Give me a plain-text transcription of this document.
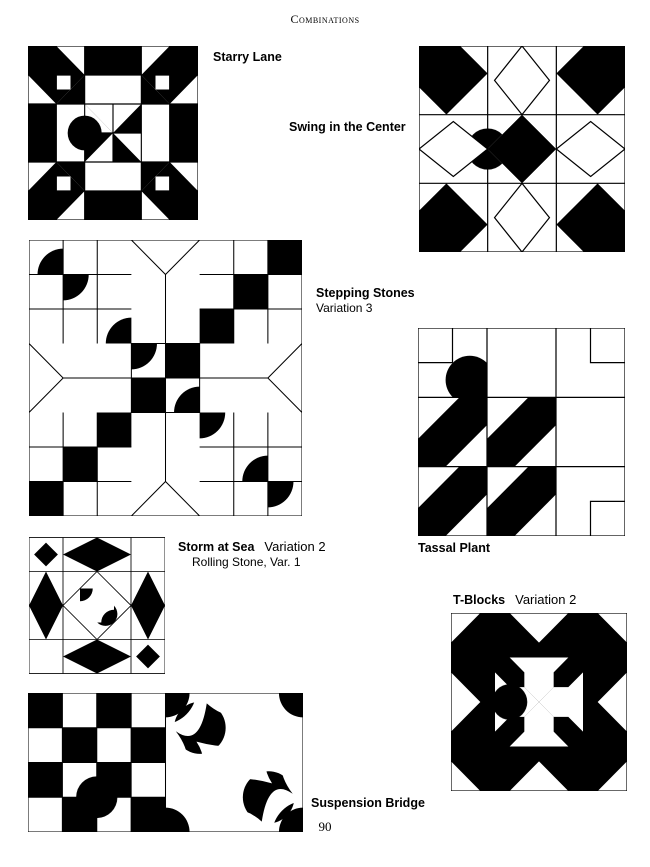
Combinations
Starry Lane
Swing in the Center
Stepping Stones
Variation 3
Tassal Plant
Storm at Sea Variation 2
Rolling Stone, Var. 1
T-Blocks Variation 2
Suspension Bridge
90
